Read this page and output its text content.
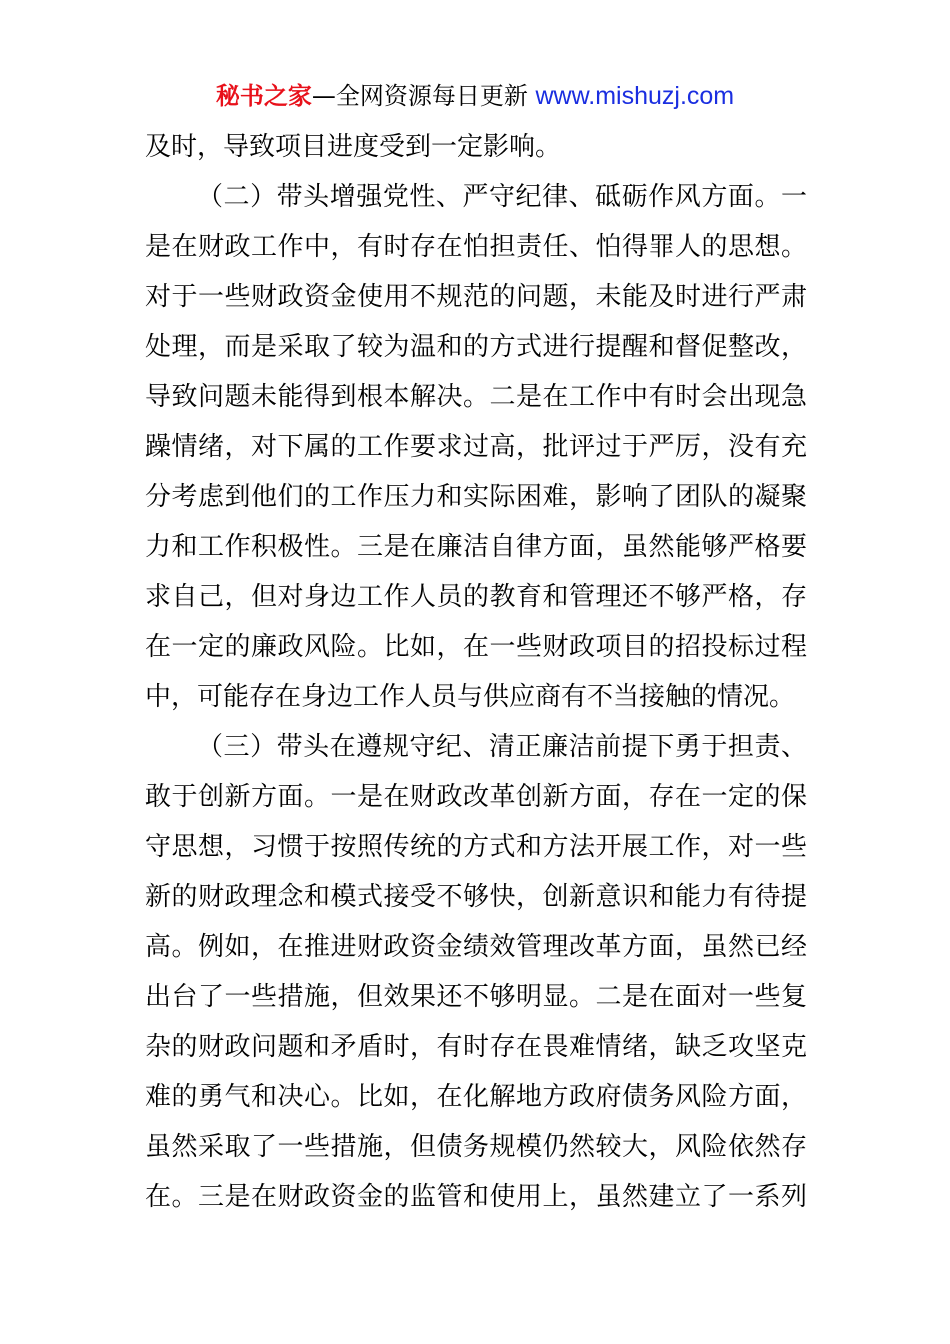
秘书之家—全网资源每日更新 www.mishuzj.com
及时，导致项目进度受到一定影响。
（二）带头增强党性、严守纪律、砥砺作风方面。一
是在财政工作中，有时存在怕担责任、怕得罪人的思想。
对于一些财政资金使用不规范的问题，未能及时进行严肃
处理，而是采取了较为温和的方式进行提醒和督促整改，
导致问题未能得到根本解决。二是在工作中有时会出现急
躁情绪，对下属的工作要求过高，批评过于严厉，没有充
分考虑到他们的工作压力和实际困难，影响了团队的凝聚
力和工作积极性。三是在廉洁自律方面，虽然能够严格要
求自己，但对身边工作人员的教育和管理还不够严格，存
在一定的廉政风险。比如，在一些财政项目的招投标过程
中，可能存在身边工作人员与供应商有不当接触的情况。
（三）带头在遵规守纪、清正廉洁前提下勇于担责、
敢于创新方面。一是在财政改革创新方面，存在一定的保
守思想，习惯于按照传统的方式和方法开展工作，对一些
新的财政理念和模式接受不够快，创新意识和能力有待提
高。例如，在推进财政资金绩效管理改革方面，虽然已经
出台了一些措施，但效果还不够明显。二是在面对一些复
杂的财政问题和矛盾时，有时存在畏难情绪，缺乏攻坚克
难的勇气和决心。比如，在化解地方政府债务风险方面，
虽然采取了一些措施，但债务规模仍然较大，风险依然存
在。三是在财政资金的监管和使用上，虽然建立了一系列
